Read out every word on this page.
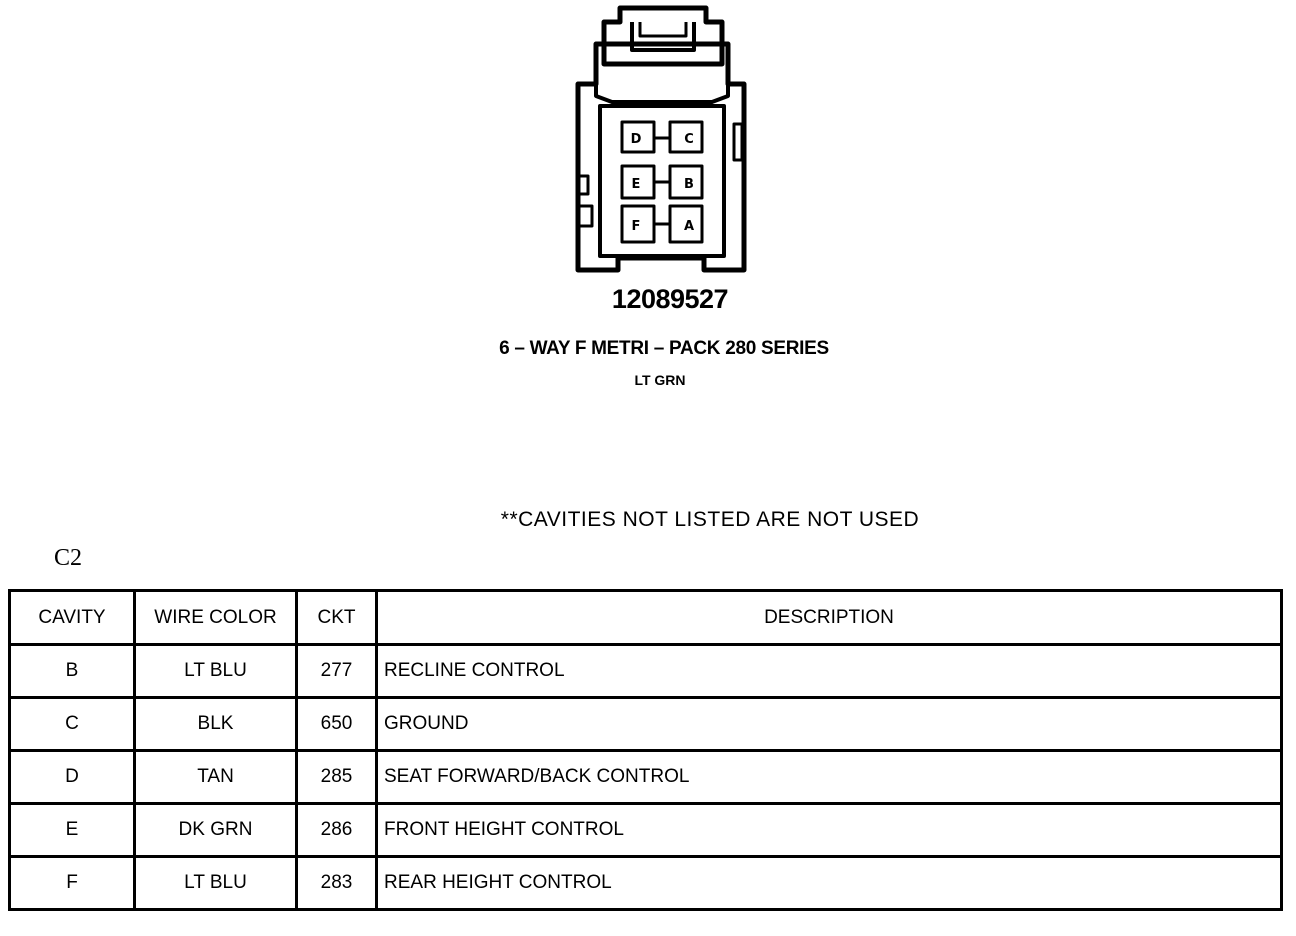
D	C
E	B
F	A
12089527
6 – WAY F METRI – PACK 280 SERIES
LT GRN
**CAVITIES NOT LISTED ARE NOT USED
C2
CAVITY	WIRE COLOR	CKT	DESCRIPTION
B	LT BLU	277	RECLINE CONTROL
C	BLK	650	GROUND
D	TAN	285	SEAT FORWARD/BACK CONTROL
E	DK GRN	286	FRONT HEIGHT CONTROL
F	LT BLU	283	REAR HEIGHT CONTROL
